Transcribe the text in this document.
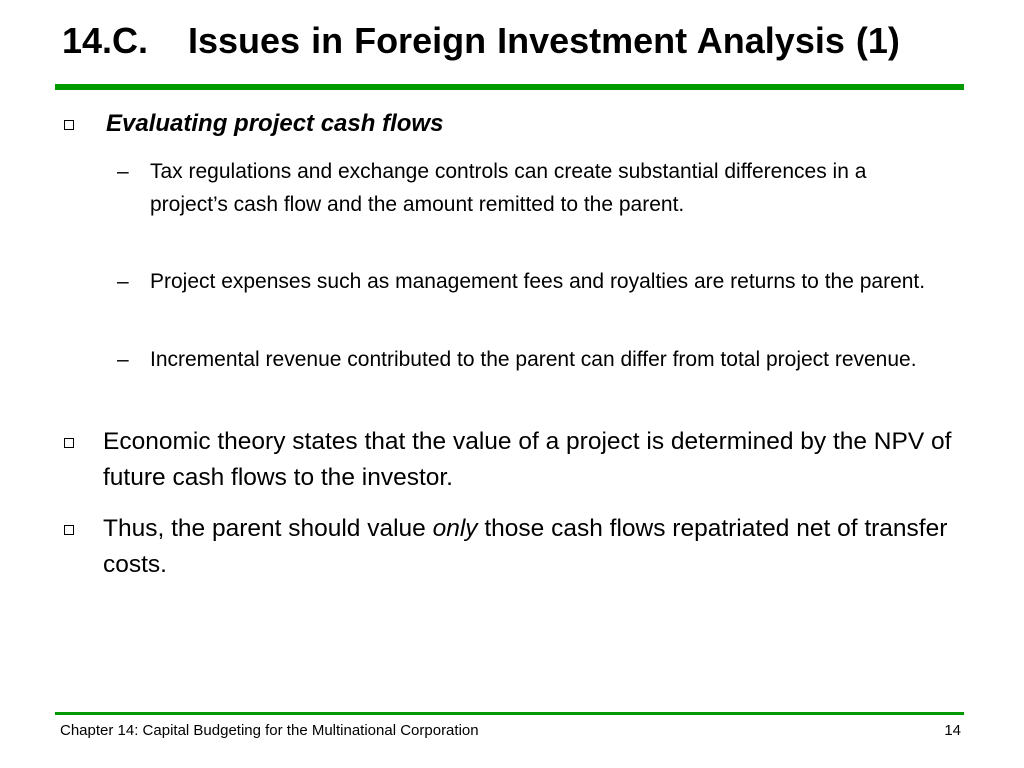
14.C. Issues in Foreign Investment Analysis (1)

Evaluating project cash flows

– Tax regulations and exchange controls can create substantial differences in a project’s cash flow and the amount remitted to the parent.

– Project expenses such as management fees and royalties are returns to the parent.

– Incremental revenue contributed to the parent can differ from total project revenue.

Economic theory states that the value of a project is determined by the NPV of future cash flows to the investor.

Thus, the parent should value only those cash flows repatriated net of transfer costs.

Chapter 14: Capital Budgeting for the Multinational Corporation	14
